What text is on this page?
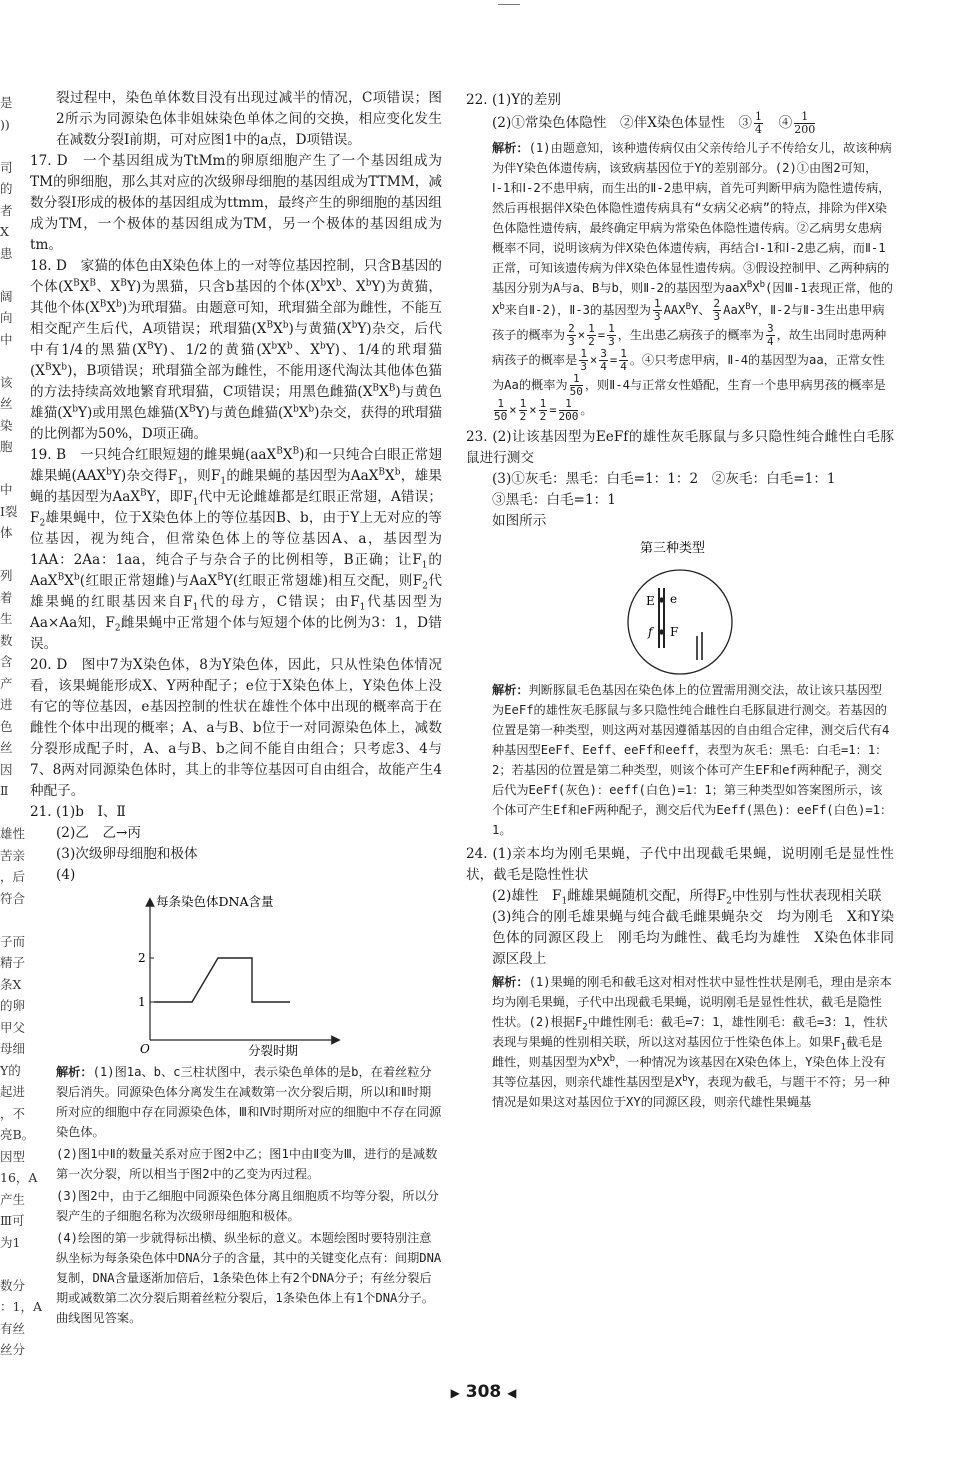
是
))

司
的
者
X
患

阔
向
中

该
丝
染
胞

中
Ⅰ裂
体

列
着
生
数
含
产
进
色
丝
因
Ⅱ

雄性
苦亲
，后
符合

子而
精子
条X
的卵
甲父
母细
Y的
起进
，不
亮B。
因型
16，A
产生
Ⅲ可
为1

数分
：1，A
有丝
丝分

裂过程中，染色单体数目没有出现过减半的情况，C项错误；图2所示为同源染色体非姐妹染色单体之间的交换，相应变化发生在减数分裂Ⅰ前期，可对应图1中的a点，D项错误。

17. D　一个基因组成为TtMm的卵原细胞产生了一个基因组成为TM的卵细胞，那么其对应的次级卵母细胞的基因组成为TTMM，减数分裂Ⅰ形成的极体的基因组成为ttmm，最终产生的卵细胞的基因组成为TM，一个极体的基因组成为TM，另一个极体的基因组成为tm。

18. D　家猫的体色由X染色体上的一对等位基因控制，只含B基因的个体($X^BX^B$、$X^BY$)为黑猫，只含b基因的个体($X^bX^b$、$X^bY$)为黄猫，其他个体$(X^BX^b)$为玳瑁猫。由题意可知，玳瑁猫全部为雌性，不能互相交配产生后代，A项错误；玳瑁猫$(X^BX^b)$与黄猫$(X^bY)$杂交，后代中有1/4的黑猫$(X^BY)$、1/2的黄猫($X^bX^b$、$X^bY$)、1/4的玳瑁猫$(X^BX^b)$，B项错误；玳瑁猫全部为雌性，不能用逐代淘汰其他体色猫的方法持续高效地繁育玳瑁猫，C项错误；用黑色雌猫$(X^BX^B)$与黄色雄猫$(X^bY)$或用黑色雄猫$(X^BY)$与黄色雌猫$(X^bX^b)$杂交，获得的玳瑁猫的比例都为50%，D项正确。

19. B　一只纯合红眼短翅的雌果蝇$(aaX^BX^B)$和一只纯合白眼正常翅雄果蝇(AAX$^b$Y)杂交得$F_1$，则$F_1$的雌果蝇的基因型为$AaX^BX^b$，雄果蝇的基因型为AaX$^B$Y，即$F_1$代中无论雌雄都是红眼正常翅，A错误；$F_2$雄果蝇中，位于X染色体上的等位基因B、b，由于Y上无对应的等位基因，视为纯合，但常染色体上的等位基因A、a，基因型为1AA：2Aa：1aa，纯合子与杂合子的比例相等，B正确；让$F_1$的$AaX^BX^b$(红眼正常翅雌)与AaX$^B$Y(红眼正常翅雄)相互交配，则$F_2$代雄果蝇的红眼基因来自$F_1$代的母方，C错误；由$F_1$代基因型为Aa×Aa知，$F_2$雌果蝇中正常翅个体与短翅个体的比例为3：1，D错误。

20. D　图中7为X染色体，8为Y染色体，因此，只从性染色体情况看，该果蝇能形成X、Y两种配子；e位于X染色体上，Y染色体上没有它的等位基因，e基因控制的性状在雄性个体中出现的概率高于在雌性个体中出现的概率；A、a与B、b位于一对同源染色体上，减数分裂形成配子时，A、a与B、b之间不能自由组合；只考虑3、4与7、8两对同源染色体时，其上的非等位基因可自由组合，故能产生4种配子。

21. (1)b　Ⅰ、Ⅱ

(2)乙　乙→丙

(3)次级卵母细胞和极体

(4)

每条染色体DNA含量
分裂时期
O
2
1

解析：(1)图1a、b、c三柱状图中，表示染色单体的是b，在着丝粒分裂后消失。同源染色体分离发生在减数第一次分裂后期，所以Ⅰ和Ⅱ时期所对应的细胞中存在同源染色体，Ⅲ和Ⅳ时期所对应的细胞中不存在同源染色体。

(2)图1中Ⅱ的数量关系对应于图2中乙；图1中由Ⅱ变为Ⅲ，进行的是减数第一次分裂，所以相当于图2中的乙变为丙过程。

(3)图2中，由于乙细胞中同源染色体分离且细胞质不均等分裂，所以分裂产生的子细胞名称为次级卵母细胞和极体。

(4)绘图的第一步就得标出横、纵坐标的意义。本题绘图时要特别注意纵坐标为每条染色体中DNA分子的含量，其中的关键变化点有：间期DNA复制，DNA含量逐渐加倍后，1条染色体上有2个DNA分子；有丝分裂后期或减数第二次分裂后期着丝粒分裂后，1条染色体上有1个DNA分子。曲线图见答案。

22. (1)Y的差别

(2)①常染色体隐性　②伴X染色体显性　③ $\frac{1}{4}$ 　④ $\frac{1}{200}$

解析：(1)由题意知，该种遗传病仅由父亲传给儿子不传给女儿，故该种病为伴Y染色体遗传病，该致病基因位于Y的差别部分。(2)①由图2可知，Ⅰ-1和Ⅰ-2不患甲病，而生出的Ⅱ-2患甲病，首先可判断甲病为隐性遗传病，然后再根据伴X染色体隐性遗传病具有“女病父必病”的特点，排除为伴X染色体隐性遗传病，最终确定甲病为常染色体隐性遗传病。②乙病男女患病概率不同，说明该病为伴X染色体遗传病，再结合Ⅰ-1和Ⅰ-2患乙病，而Ⅱ-1正常，可知该遗传病为伴X染色体显性遗传病。③假设控制甲、乙两种病的基因分别为A与a、B与b，则Ⅱ-2的基因型为$aaX^BX^b$(因Ⅲ-1表现正常，他的$X^b$来自Ⅱ-2)，Ⅱ-3的基因型为 $\frac{1}{3} AAX^BY$、 $\frac{2}{3} AaX^BY$，Ⅱ-2与Ⅱ-3生出患甲病孩子的概率为 $\frac{2}{3} \times \frac{1}{2} = \frac{1}{3}$ ，生出患乙病孩子的概率为 $\frac{3}{4}$ ，故生出同时患两种病孩子的概率是 $\frac{1}{3} \times \frac{3}{4} = \frac{1}{4}$ 。④只考虑甲病，Ⅱ-4的基因型为aa，正常女性为Aa的概率为 $\frac{1}{50}$ ，则Ⅱ-4与正常女性婚配，生育一个患甲病男孩的概率是
$\frac{1}{50} \times \frac{1}{2} \times \frac{1}{2} = \frac{1}{200}$ 。

23. (2)让该基因型为EeFf的雄性灰毛豚鼠与多只隐性纯合雌性白毛豚鼠进行测交

(3)①灰毛：黑毛：白毛=1：1：2　②灰毛：白毛=1：1

③黑毛：白毛=1：1

如图所示

第三种类型
E e
f F

解析：判断豚鼠毛色基因在染色体上的位置需用测交法，故让该只基因型为EeFf的雄性灰毛豚鼠与多只隐性纯合雌性白毛豚鼠进行测交。若基因的位置是第一种类型，则这两对基因遵循基因的自由组合定律，测交后代有4种基因型EeFf、Eeff、eeFf和eeff，表型为灰毛：黑毛：白毛=1：1：2；若基因的位置是第二种类型，则该个体可产生EF和ef两种配子，测交后代为EeFf(灰色)：eeff(白色)=1：1；第三种类型如答案图所示，该个体可产生Ef和eF两种配子，测交后代为Eeff(黑色)：eeFf(白色)=1：1。

24. (1)亲本均为刚毛果蝇，子代中出现截毛果蝇，说明刚毛是显性性状，截毛是隐性性状

(2)雄性　$F_1$雌雄果蝇随机交配，所得$F_2$中性别与性状表现相关联

(3)纯合的刚毛雄果蝇与纯合截毛雌果蝇杂交　均为刚毛　X和Y染色体的同源区段上　刚毛均为雌性、截毛均为雄性　X染色体非同源区段上

解析：(1)果蝇的刚毛和截毛这对相对性状中显性性状是刚毛，理由是亲本均为刚毛果蝇，子代中出现截毛果蝇，说明刚毛是显性性状，截毛是隐性性状。(2)根据$F_2$中雌性刚毛：截毛=7：1，雄性刚毛：截毛=3：1，性状表现与果蝇的性别相关联，所以这对基因位于性染色体上。如果$F_1$截毛是雌性，则基因型为$X^bX^b$，一种情况为该基因在X染色体上，Y染色体上没有其等位基因，则亲代雄性基因型是$X^bY$，表现为截毛，与题干不符；另一种情况是如果这对基因位于XY的同源区段，则亲代雄性果蝇基

▶ 308 ◀
